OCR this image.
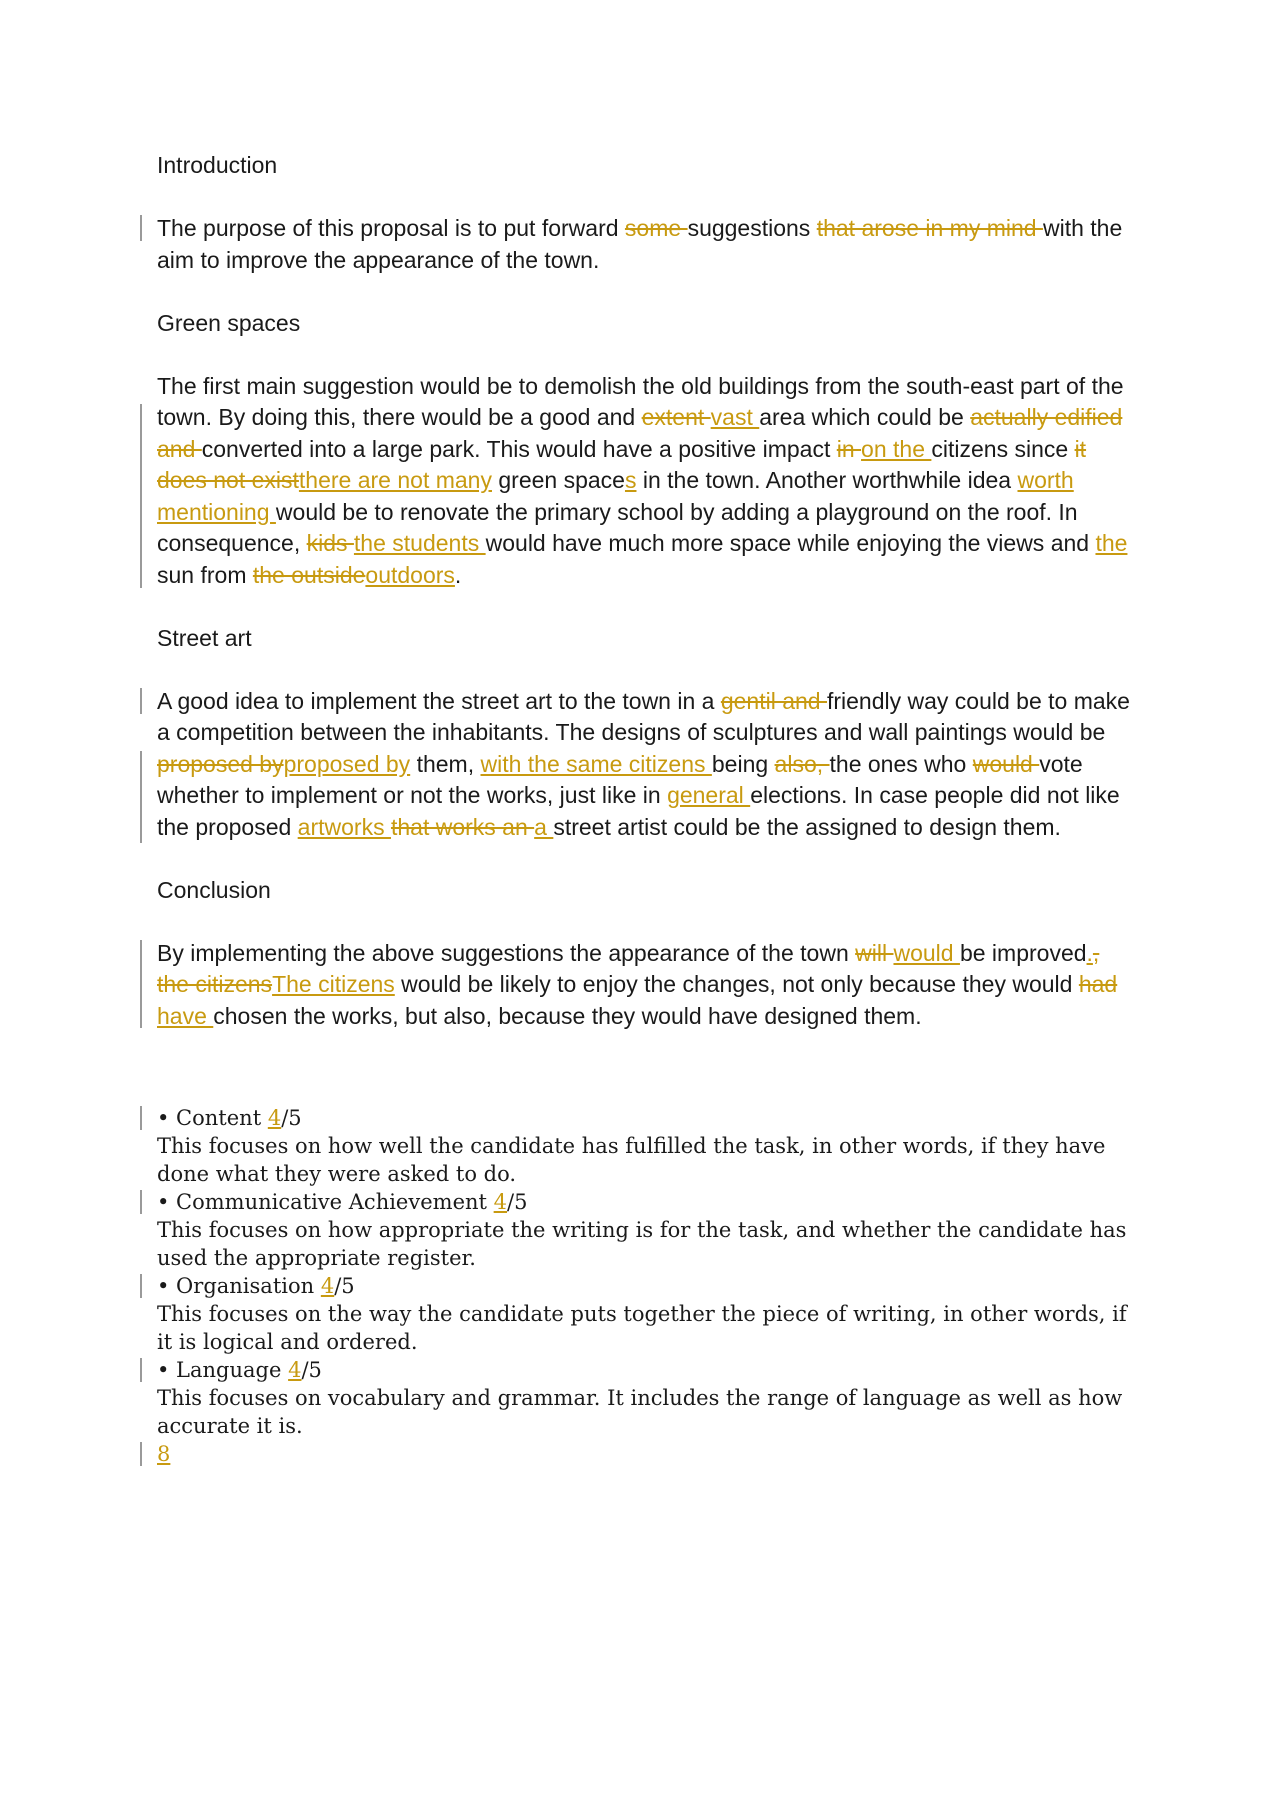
Introduction

The purpose of this proposal is to put forward some suggestions that arose in my mind with the aim to improve the appearance of the town.

Green spaces

The first main suggestion would be to demolish the old buildings from the south-east part of the town. By doing this, there would be a good and extent vast area which could be actually edified and converted into a large park. This would have a positive impact in on the citizens since it does not existthere are not many green spaces in the town. Another worthwhile idea worth mentioning would be to renovate the primary school by adding a playground on the roof. In consequence, kids the students would have much more space while enjoying the views and the sun from the outsideoutdoors.

Street art

A good idea to implement the street art to the town in a gentil and friendly way could be to make a competition between the inhabitants. The designs of sculptures and wall paintings would be proposed byproposed by them, with the same citizens being also, the ones who would vote whether to implement or not the works, just like in general elections. In case people did not like the proposed artworks that works an a street artist could be the assigned to design them.

Conclusion

By implementing the above suggestions the appearance of the town will would be improved., the citizensThe citizens would be likely to enjoy the changes, not only because they would had have chosen the works, but also, because they would have designed them.

• Content 4/5

This focuses on how well the candidate has fulfilled the task, in other words, if they have done what they were asked to do.

• Communicative Achievement 4/5

This focuses on how appropriate the writing is for the task, and whether the candidate has used the appropriate register.

• Organisation 4/5

This focuses on the way the candidate puts together the piece of writing, in other words, if it is logical and ordered.

• Language 4/5

This focuses on vocabulary and grammar. It includes the range of language as well as how accurate it is.

8
